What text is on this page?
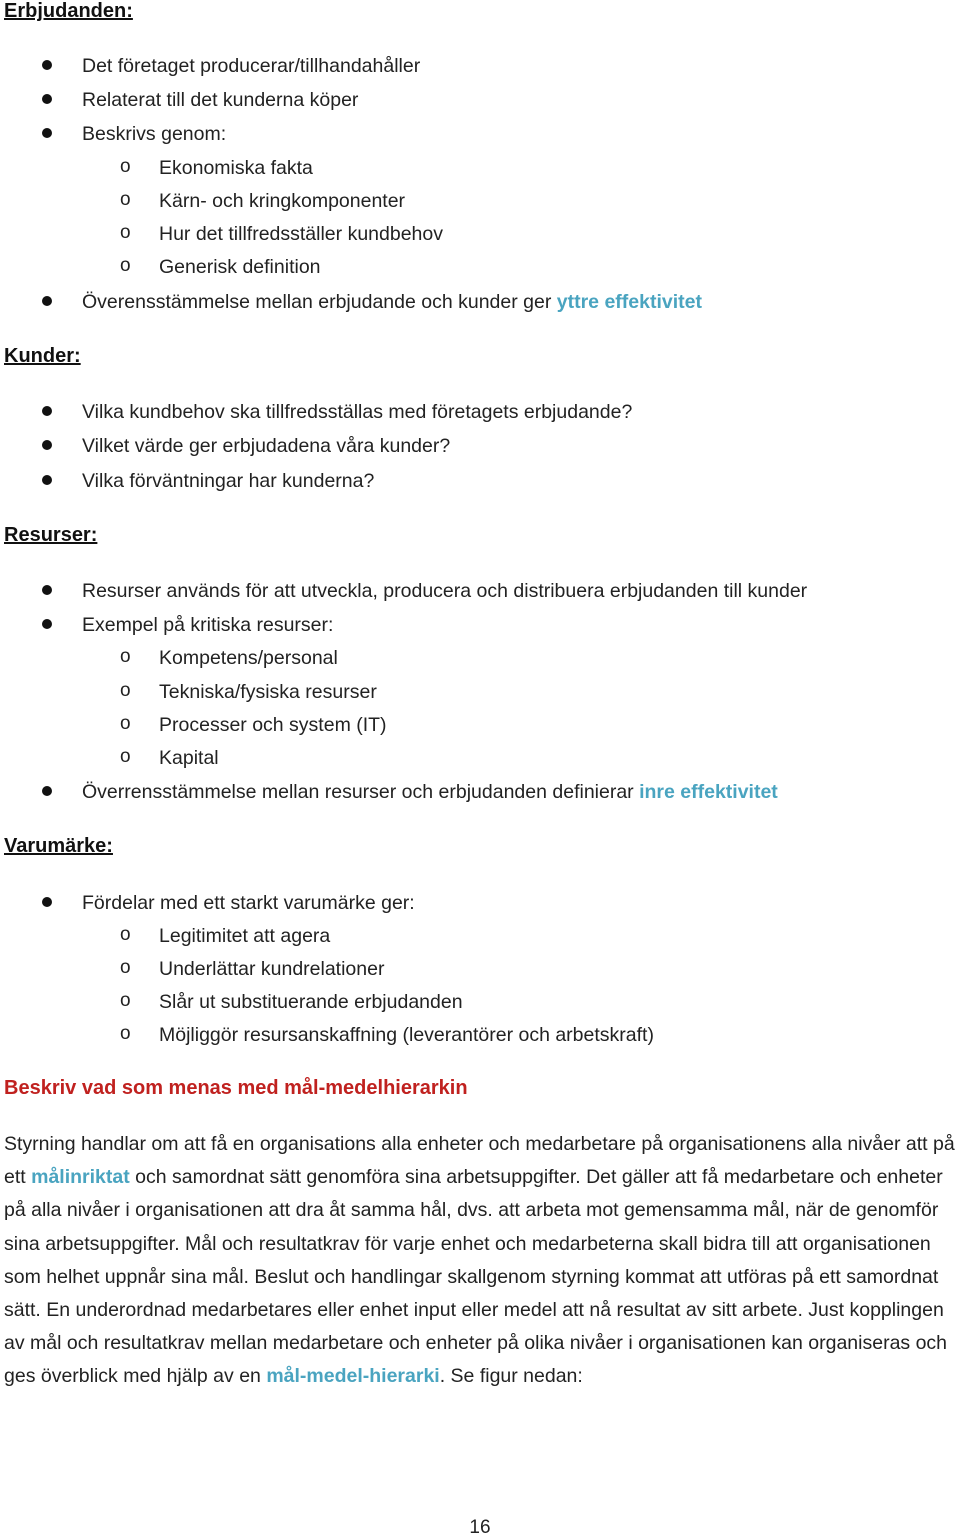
Erbjudanden:
Det företaget producerar/tillhandahåller
Relaterat till det kunderna köper
Beskrivs genom:
o Ekonomiska fakta
o Kärn- och kringkomponenter
o Hur det tillfredsställer kundbehov
o Generisk definition
Överensstämmelse mellan erbjudande och kunder ger yttre effektivitet
Kunder:
Vilka kundbehov ska tillfredsställas med företagets erbjudande?
Vilket värde ger erbjudadena våra kunder?
Vilka förväntningar har kunderna?
Resurser:
Resurser används för att utveckla, producera och distribuera erbjudanden till kunder
Exempel på kritiska resurser:
o Kompetens/personal
o Tekniska/fysiska resurser
o Processer och system (IT)
o Kapital
Överrensstämmelse mellan resurser och erbjudanden definierar inre effektivitet
Varumärke:
Fördelar med ett starkt varumärke ger:
o Legitimitet att agera
o Underlättar kundrelationer
o Slår ut substituerande erbjudanden
o Möjliggör resursanskaffning (leverantörer och arbetskraft)
Beskriv vad som menas med mål-medelhierarkin
Styrning handlar om att få en organisations alla enheter och medarbetare på organisationens alla nivåer att på ett målinriktat och samordnat sätt genomföra sina arbetsuppgifter. Det gäller att få medarbetare och enheter på alla nivåer i organisationen att dra åt samma hål, dvs. att arbeta mot gemensamma mål, när de genomför sina arbetsuppgifter. Mål och resultatkrav för varje enhet och medarbeterna skall bidra till att organisationen som helhet uppnår sina mål. Beslut och handlingar skallgenom styrning kommat att utföras på ett samordnat sätt. En underordnad medarbetares eller enhet input eller medel att nå resultat av sitt arbete. Just kopplingen av mål och resultatkrav mellan medarbetare och enheter på olika nivåer i organisationen kan organiseras och ges överblick med hjälp av en mål-medel-hierarki. Se figur nedan:
16
